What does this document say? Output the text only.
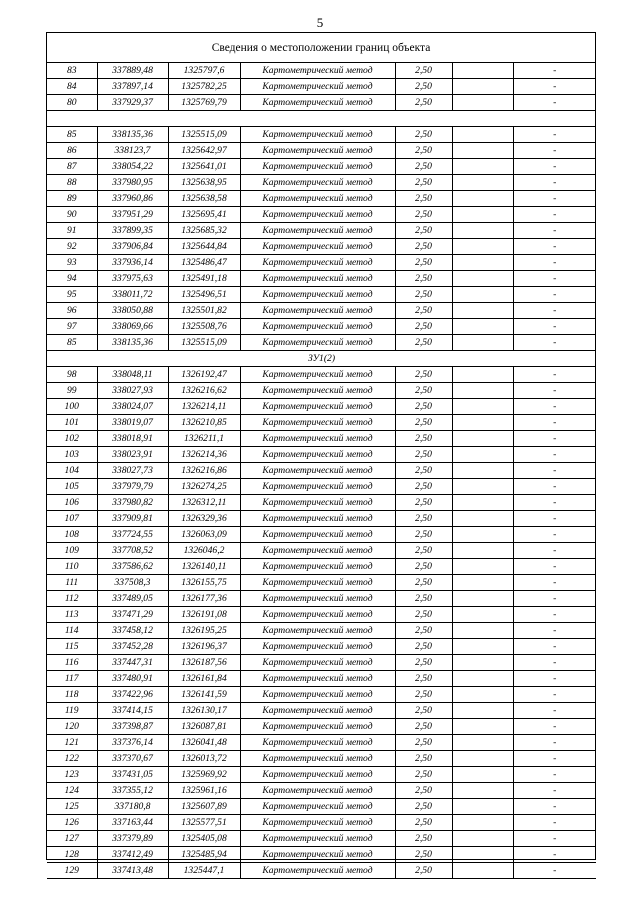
5
Сведения о местоположении границ объекта
83	337889,48	1325797,6	Картометрический метод	2,50		-
84	337897,14	1325782,25	Картометрический метод	2,50		-
80	337929,37	1325769,79	Картометрический метод	2,50		-

85	338135,36	1325515,09	Картометрический метод	2,50		-
86	338123,7	1325642,97	Картометрический метод	2,50		-
87	338054,22	1325641,01	Картометрический метод	2,50		-
88	337980,95	1325638,95	Картометрический метод	2,50		-
89	337960,86	1325638,58	Картометрический метод	2,50		-
90	337951,29	1325695,41	Картометрический метод	2,50		-
91	337899,35	1325685,32	Картометрический метод	2,50		-
92	337906,84	1325644,84	Картометрический метод	2,50		-
93	337936,14	1325486,47	Картометрический метод	2,50		-
94	337975,63	1325491,18	Картометрический метод	2,50		-
95	338011,72	1325496,51	Картометрический метод	2,50		-
96	338050,88	1325501,82	Картометрический метод	2,50		-
97	338069,66	1325508,76	Картометрический метод	2,50		-
85	338135,36	1325515,09	Картометрический метод	2,50		-
ЗУ1(2)						
98	338048,11	1326192,47	Картометрический метод	2,50		-
99	338027,93	1326216,62	Картометрический метод	2,50		-
100	338024,07	1326214,11	Картометрический метод	2,50		-
101	338019,07	1326210,85	Картометрический метод	2,50		-
102	338018,91	1326211,1	Картометрический метод	2,50		-
103	338023,91	1326214,36	Картометрический метод	2,50		-
104	338027,73	1326216,86	Картометрический метод	2,50		-
105	337979,79	1326274,25	Картометрический метод	2,50		-
106	337980,82	1326312,11	Картометрический метод	2,50		-
107	337909,81	1326329,36	Картометрический метод	2,50		-
108	337724,55	1326063,09	Картометрический метод	2,50		-
109	337708,52	1326046,2	Картометрический метод	2,50		-
110	337586,62	1326140,11	Картометрический метод	2,50		-
111	337508,3	1326155,75	Картометрический метод	2,50		-
112	337489,05	1326177,36	Картометрический метод	2,50		-
113	337471,29	1326191,08	Картометрический метод	2,50		-
114	337458,12	1326195,25	Картометрический метод	2,50		-
115	337452,28	1326196,37	Картометрический метод	2,50		-
116	337447,31	1326187,56	Картометрический метод	2,50		-
117	337480,91	1326161,84	Картометрический метод	2,50		-
118	337422,96	1326141,59	Картометрический метод	2,50		-
119	337414,15	1326130,17	Картометрический метод	2,50		-
120	337398,87	1326087,81	Картометрический метод	2,50		-
121	337376,14	1326041,48	Картометрический метод	2,50		-
122	337370,67	1326013,72	Картометрический метод	2,50		-
123	337431,05	1325969,92	Картометрический метод	2,50		-
124	337355,12	1325961,16	Картометрический метод	2,50		-
125	337180,8	1325607,89	Картометрический метод	2,50		-
126	337163,44	1325577,51	Картометрический метод	2,50		-
127	337379,89	1325405,08	Картометрический метод	2,50		-
128	337412,49	1325485,94	Картометрический метод	2,50		-
129	337413,48	1325447,1	Картометрический метод	2,50		-
